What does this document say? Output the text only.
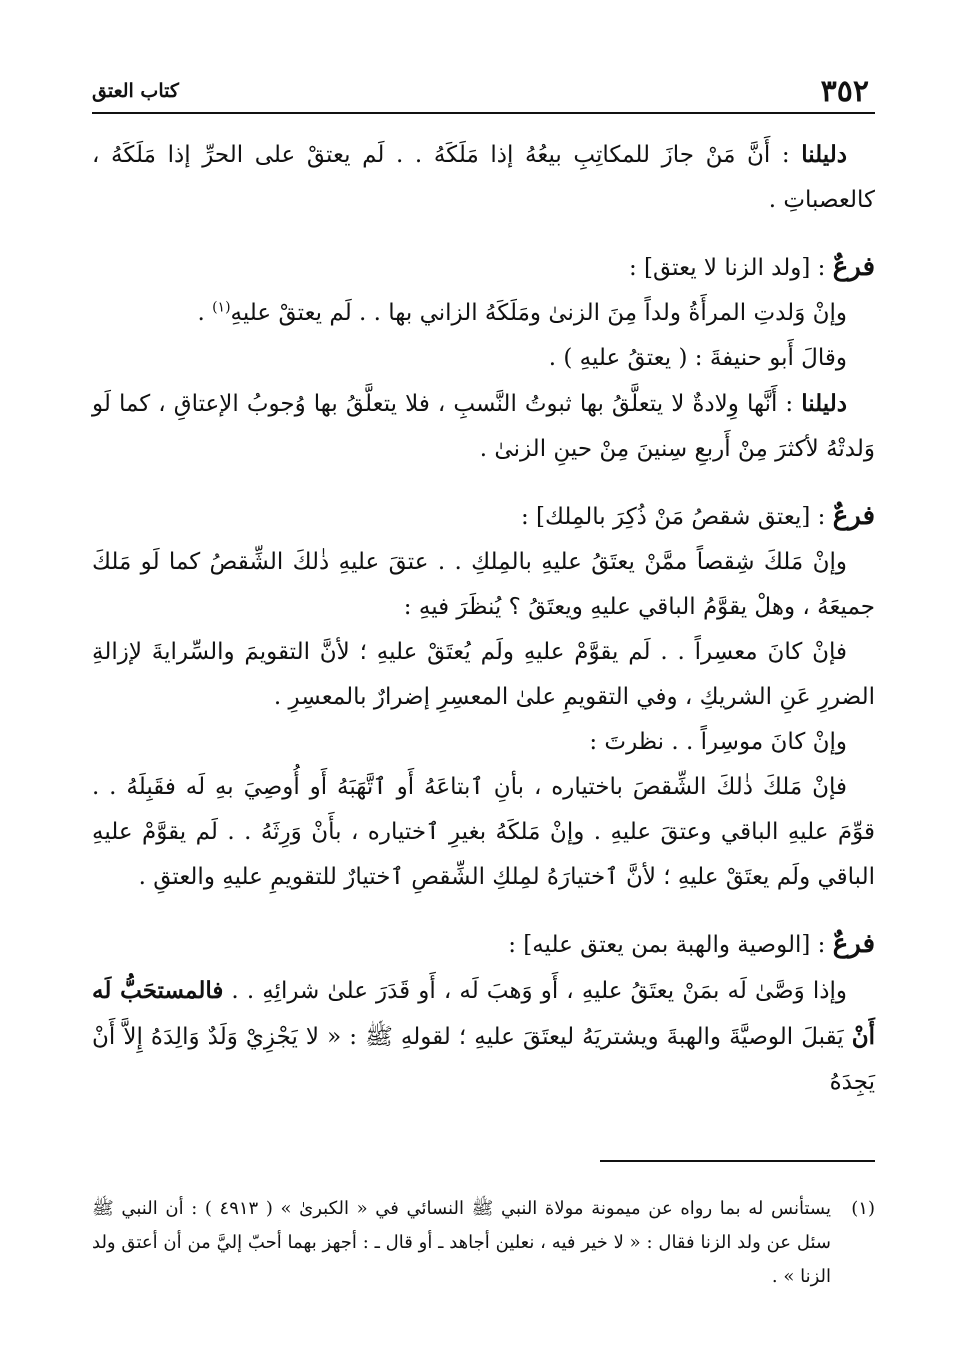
٣٥٢
كتاب العتق

دليلنا : أَنَّ مَنْ جازَ للمكاتِبِ بيعُهُ إذا مَلَكَهُ . . لَم يعتقْ على الحرِّ إذا مَلَكَهُ ، كالعصباتِ .

فرعٌ : [ولد الزنا لا يعتق] :

وإنْ وَلدتِ المرأَةُ ولداً مِنَ الزنىٰ ومَلَكَهُ الزاني بها . . لَم يعتقْ عليهِ$^{(١)}$ .

وقالَ أَبو حنيفةَ : ( يعتقُ عليهِ ) .

دليلنا : أَنَّها وِلادةٌ لا يتعلَّقُ بها ثبوتُ النَّسبِ ، فلا يتعلَّقُ بها وُجوبُ الإعتاقِ ، كما لَو وَلدتْهُ لأكثرَ مِنْ أَربعِ سِنينَ مِنْ حينِ الزنىٰ .

فرعٌ : [يعتق شقصُ مَنْ ذُكِرَ بالمِلك] :

وإنْ مَلكَ شِقصاً ممَّنْ يعتَقُ عليهِ بالمِلكِ . . عتقَ عليهِ ذٰلكَ الشِّقصُ كما لَو مَلكَ جميعَهُ ، وهلْ يقوَّمُ الباقي عليهِ ويعتَقُ ؟ يُنظَرَ فيهِ :

فإنْ كانَ معسِراً . . لَم يقوَّمْ عليهِ ولَم يُعتَقْ عليهِ ؛ لأنَّ التقويمَ والسِّرايةَ لإزالةِ الضررِ عَنِ الشريكِ ، وفي التقويمِ علىٰ المعسِرِ إضرارٌ بالمعسِرِ .

وإنْ كانَ موسِراً . . نظرتَ :

فإنْ مَلكَ ذٰلكَ الشِّقصَ باختياره ، بأنِ ٱبتاعَهُ أَو ٱتَّهَبَهُ أَو أُوصِيَ بهِ لَه فقَبِلَهُ . . قوِّمَ عليهِ الباقي وعتقَ عليهِ . وإنْ مَلكَهُ بغيرِ ٱختياره ، بأَنْ وَرِثَهُ . . لَم يقوَّمْ عليهِ الباقي ولَم يعتَقْ عليهِ ؛ لأنَّ ٱختيارَهُ لمِلكِ الشِّقصِ ٱختيارٌ للتقويمِ عليهِ والعتقِ .

فرعٌ : [الوصية والهبة بمن يعتق عليه] :

وإذا وَصَّىٰ لَه بمَنْ يعتَقُ عليهِ ، أَو وَهبَ لَه ، أَو قَدَرَ علىٰ شرائِهِ . . فالمستحَبُّ لَه أَنْ يَقبلَ الوصيَّةَ والهبةَ ويشتريَهُ ليعتَقَ عليهِ ؛ لقولهِ ﷺ : « لا يَجْزِيْ وَلَدٌ وَالِدَهُ إِلاَّ أَنْ يَجِدَهُ

(١)

يستأنس له بما رواه عن ميمونة مولاة النبي ﷺ النسائي في « الكبرىٰ » ( ٤٩١٣ ) : أن النبي ﷺ سئل عن ولد الزنا فقال : « لا خير فيه ، نعلين أجاهد ـ أو قال ـ : أجهز بهما أحبّ إليَّ من أن أعتق ولد الزنا » .
